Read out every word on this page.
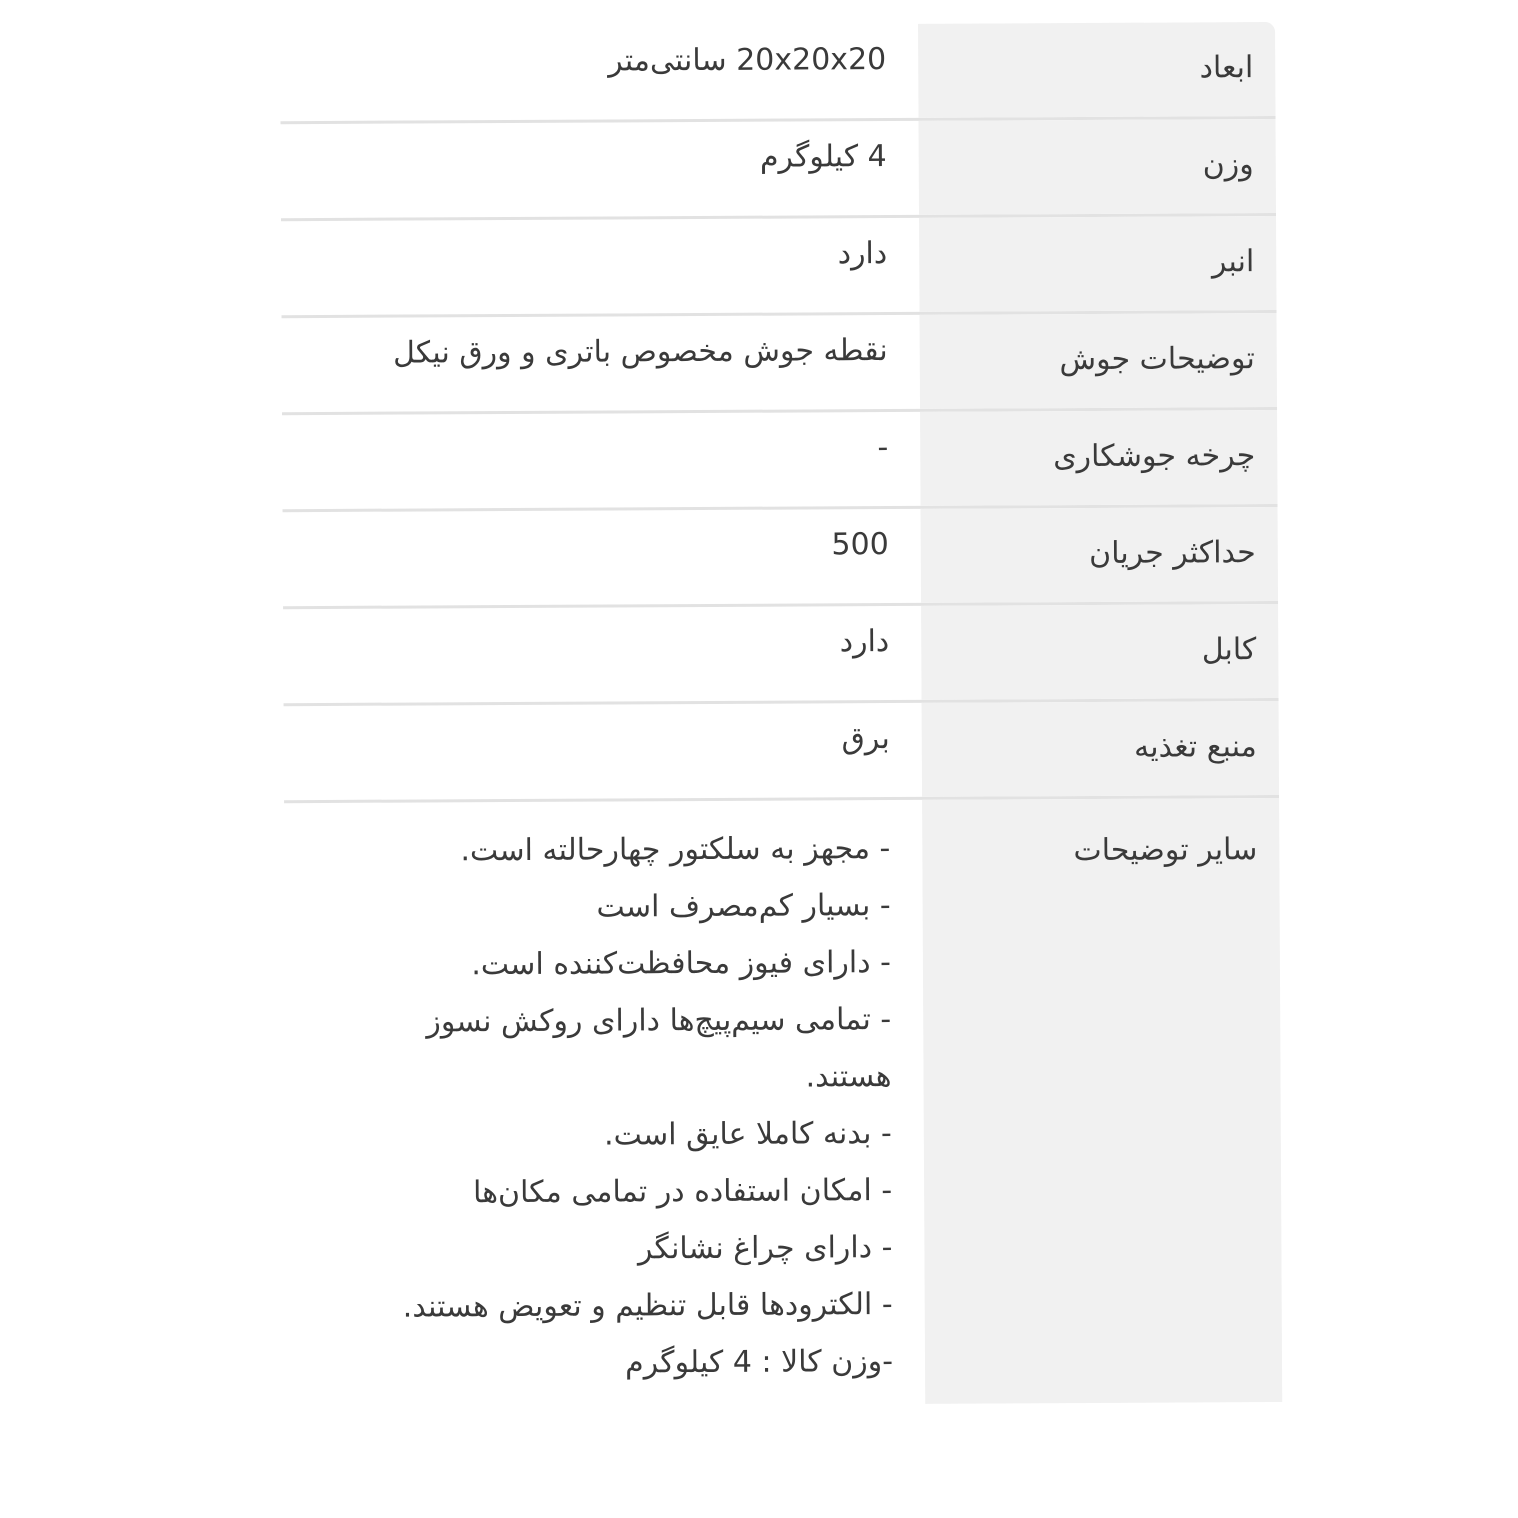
ابعاد
20x20x20 سانتی‌متر
وزن
4 کیلوگرم
انبر
دارد
توضیحات جوش
نقطه جوش مخصوص باتری و ورق نیکل
چرخه جوشکاری
-
حداکثر جریان
500
کابل
دارد
منبع تغذیه
برق
سایر توضیحات
- مجهز به سلکتور چهارحالته است.
- بسیار کم‌مصرف است
- دارای فیوز محافظت‌کننده است.
- تمامی سیم‌پیچ‌ها دارای روکش نسوز هستند.
- بدنه کاملا عایق است.
- امکان استفاده در تمامی مکان‌ها
- دارای چراغ نشانگر
- الکترودها قابل تنظیم و تعویض هستند.
-وزن کالا : 4 کیلوگرم
